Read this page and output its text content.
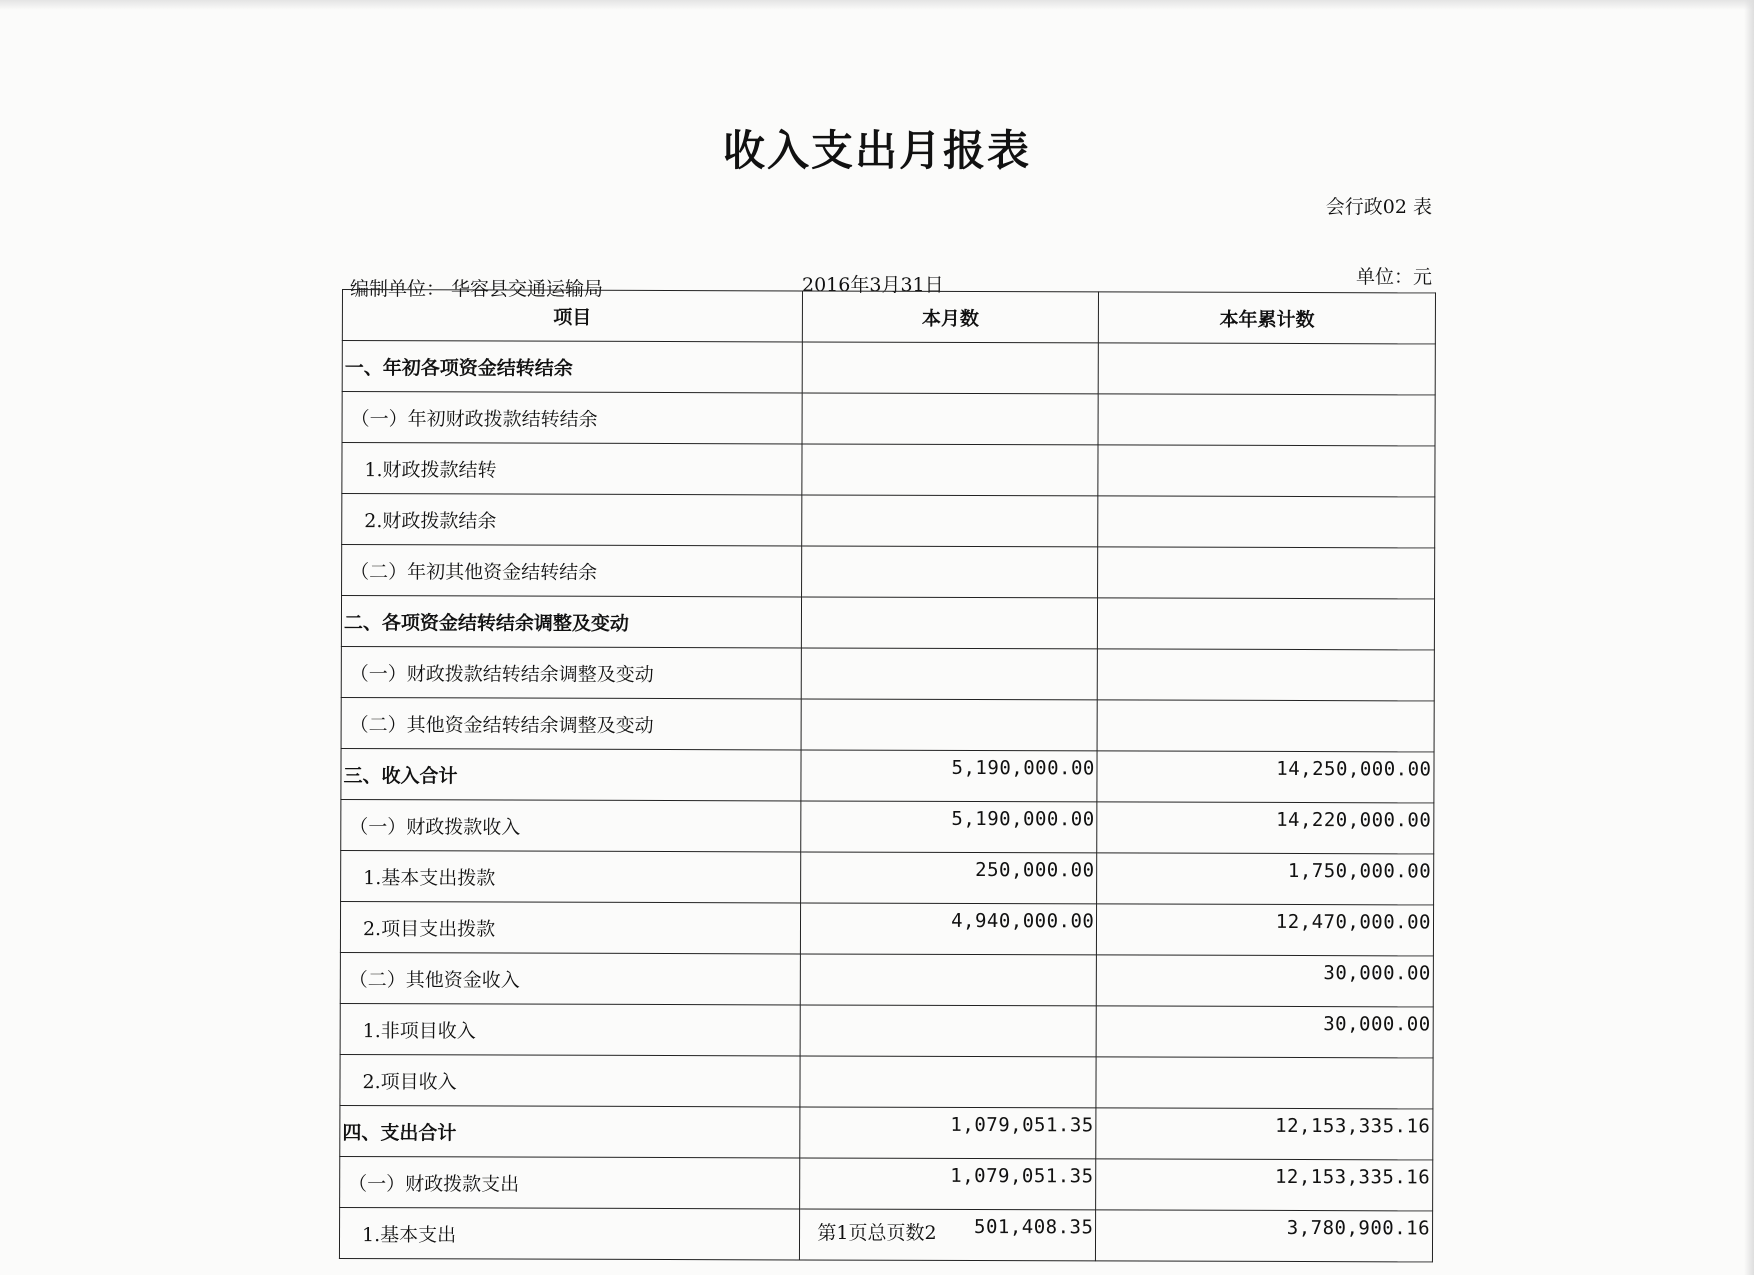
收入支出月报表
会行政02 表
编制单位： 华容县交通运输局	2016年3月31日	单位：元
项目	本月数	本年累计数
一、年初各项资金结转结余		
（一）年初财政拨款结转结余		
1.财政拨款结转		
2.财政拨款结余		
（二）年初其他资金结转结余		
二、各项资金结转结余调整及变动		
（一）财政拨款结转结余调整及变动		
（二）其他资金结转结余调整及变动		
三、收入合计	5,190,000.00	14,250,000.00
（一）财政拨款收入	5,190,000.00	14,220,000.00
1.基本支出拨款	250,000.00	1,750,000.00
2.项目支出拨款	4,940,000.00	12,470,000.00
（二）其他资金收入		30,000.00
1.非项目收入		30,000.00
2.项目收入		
四、支出合计	1,079,051.35	12,153,335.16
（一）财政拨款支出	1,079,051.35	12,153,335.16
1.基本支出	501,408.35	3,780,900.16
第1页总页数2
